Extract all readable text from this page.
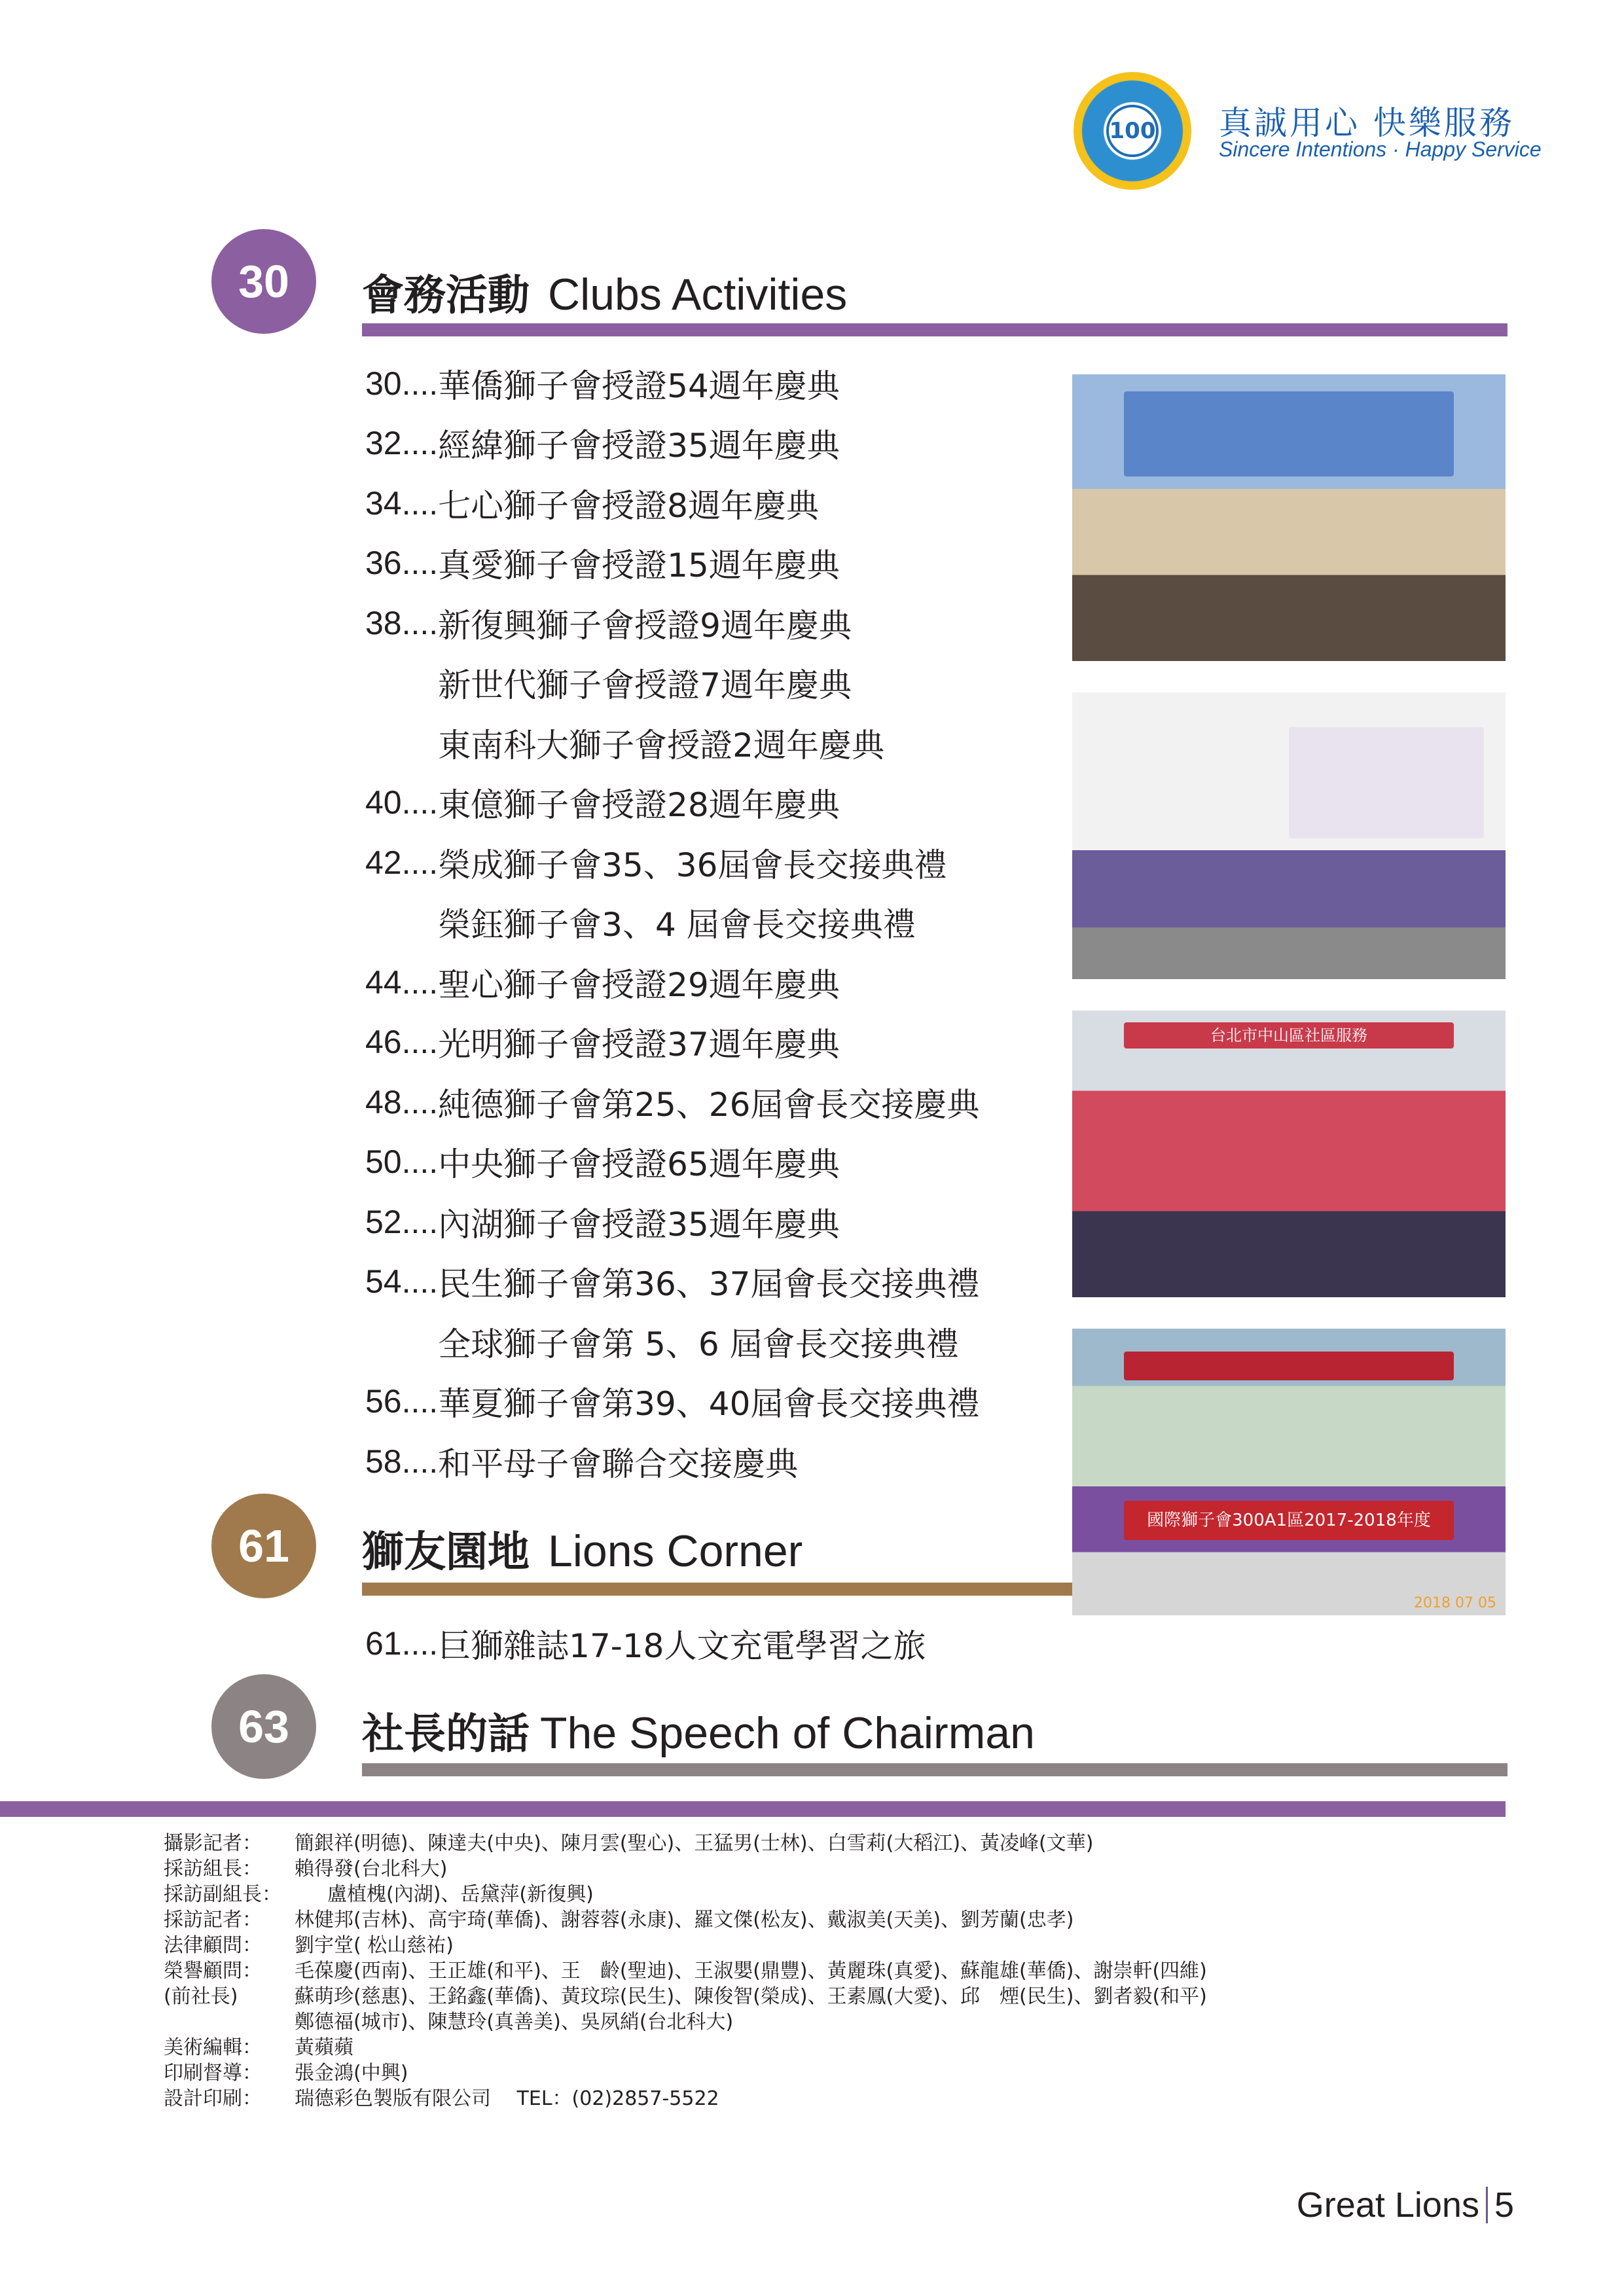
100 真誠用心 快樂服務
Sincere Intentions · Happy Service
30	會務活動 Clubs Activities
30.... 華僑獅子會授證54週年慶典
32.... 經緯獅子會授證35週年慶典
34.... 七心獅子會授證8週年慶典
36.... 真愛獅子會授證15週年慶典
38.... 新復興獅子會授證9週年慶典
新世代獅子會授證7週年慶典
東南科大獅子會授證2週年慶典
40.... 東億獅子會授證28週年慶典
42.... 榮成獅子會35、36屆會長交接典禮
榮鈺獅子會3、4 屆會長交接典禮
44.... 聖心獅子會授證29週年慶典
46.... 光明獅子會授證37週年慶典
48.... 純德獅子會第25、26屆會長交接慶典
50.... 中央獅子會授證65週年慶典
52.... 內湖獅子會授證35週年慶典
54.... 民生獅子會第36、37屆會長交接典禮
全球獅子會第 5、6 屆會長交接典禮
56.... 華夏獅子會第39、40屆會長交接典禮
58.... 和平母子會聯合交接慶典
61	獅友園地 Lions Corner
61.... 巨獅雜誌17-18人文充電學習之旅
63	社長的話 The Speech of Chairman
台北市中山區社區服務
國際獅子會300A1區2017-2018年度
2018 07 05
攝影記者：	簡銀祥(明德)、陳達夫(中央)、陳月雲(聖心)、王猛男(士林)、白雪莉(大稻江)、黃凌峰(文華)
採訪組長：	賴得發(台北科大)
採訪副組長：	盧植槐(內湖)、岳黛萍(新復興)
採訪記者：	林健邦(吉林)、高宇琦(華僑)、謝蓉蓉(永康)、羅文傑(松友)、戴淑美(天美)、劉芳蘭(忠孝)
法律顧問：	劉宇堂( 松山慈祐)
榮譽顧問：	毛葆慶(西南)、王正雄(和平)、王　齡(聖迪)、王淑嬰(鼎豐)、黃麗珠(真愛)、蘇龍雄(華僑)、謝崇軒(四維)
(前社長)	蘇萌珍(慈惠)、王銘鑫(華僑)、黃玟琮(民生)、陳俊智(榮成)、王素鳳(大愛)、邱　煙(民生)、劉者毅(和平)
鄭德福(城市)、陳慧玲(真善美)、吳夙綃(台北科大)
美術編輯：	黃蘋蘋
印刷督導：	張金鴻(中興)
設計印刷：	瑞德彩色製版有限公司　 TEL：(02)2857-5522
Great Lions 5
